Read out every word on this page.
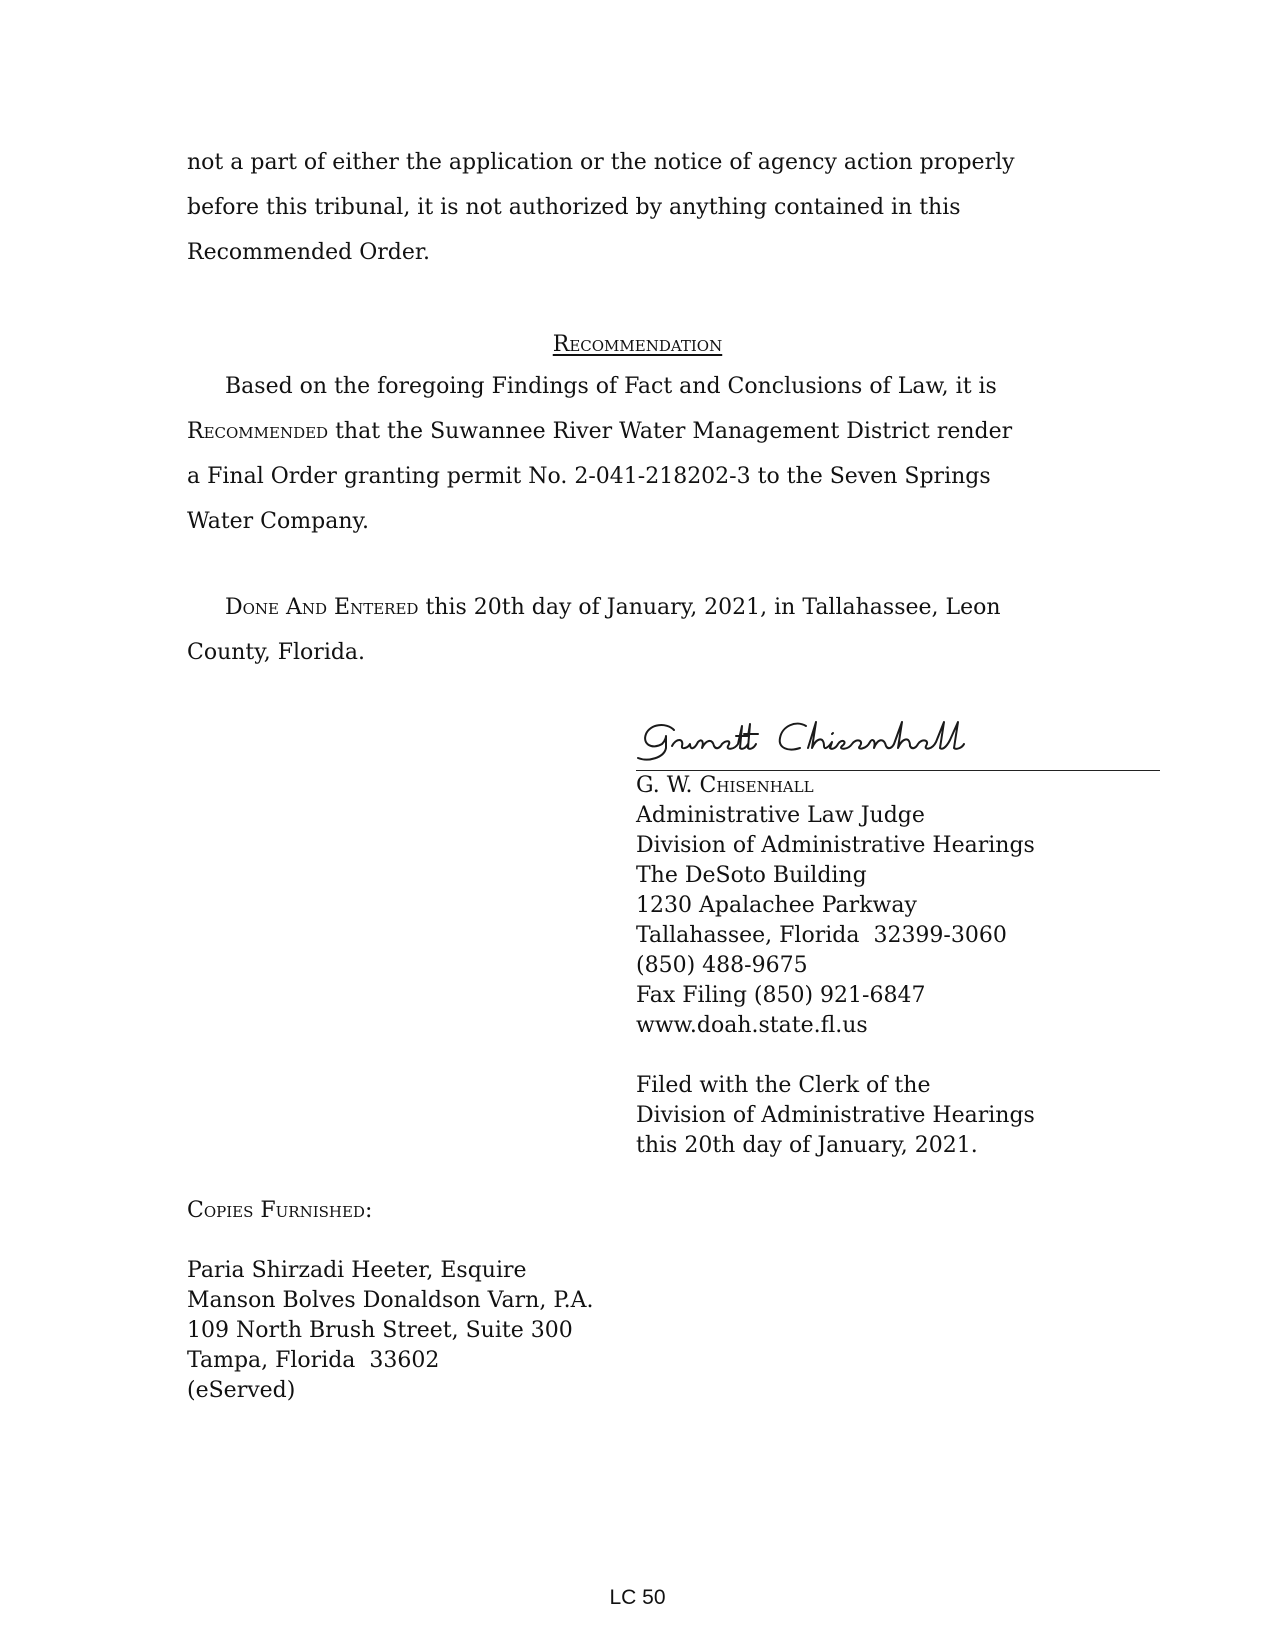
not a part of either the application or the notice of agency action properly
before this tribunal, it is not authorized by anything contained in this
Recommended Order.
Recommendation
Based on the foregoing Findings of Fact and Conclusions of Law, it is
Recommended that the Suwannee River Water Management District render
a Final Order granting permit No. 2-041-218202-3 to the Seven Springs
Water Company.
Done And Entered this 20th day of January, 2021, in Tallahassee, Leon
County, Florida.
G. W. Chisenhall
Administrative Law Judge
Division of Administrative Hearings
The DeSoto Building
1230 Apalachee Parkway
Tallahassee, Florida  32399-3060
(850) 488-9675
Fax Filing (850) 921-6847
www.doah.state.fl.us
Filed with the Clerk of the
Division of Administrative Hearings
this 20th day of January, 2021.
Copies Furnished:
Paria Shirzadi Heeter, Esquire
Manson Bolves Donaldson Varn, P.A.
109 North Brush Street, Suite 300
Tampa, Florida  33602
(eServed)
LC 50
